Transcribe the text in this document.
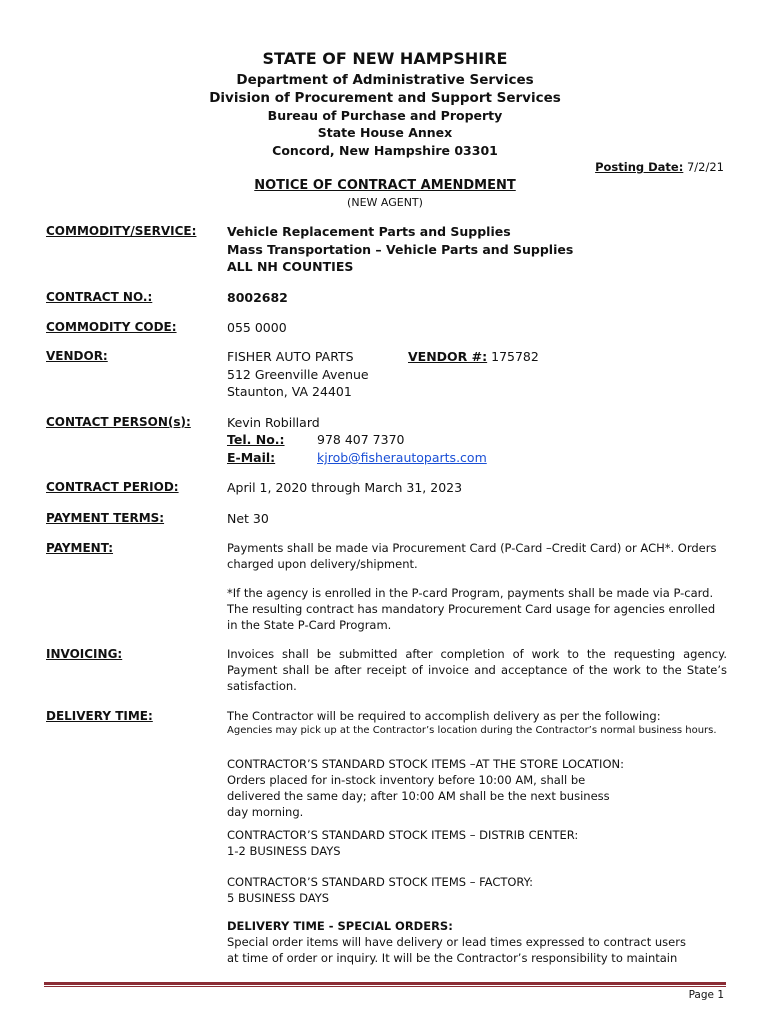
STATE OF NEW HAMPSHIRE
Department of Administrative Services
Division of Procurement and Support Services
Bureau of Purchase and Property
State House Annex
Concord, New Hampshire 03301
Posting Date: 7/2/21
NOTICE OF CONTRACT AMENDMENT
(NEW AGENT)
COMMODITY/SERVICE: Vehicle Replacement Parts and Supplies
Mass Transportation – Vehicle Parts and Supplies
ALL NH COUNTIES
CONTRACT NO.:	8002682
COMMODITY CODE:	055 0000
VENDOR:	FISHER AUTO PARTS	VENDOR #: 175782
512 Greenville Avenue
Staunton, VA 24401
CONTACT PERSON(s):	Kevin Robillard
Tel. No.:	978 407 7370
E-Mail:	kjrob@fisherautoparts.com
CONTRACT PERIOD:	April 1, 2020 through March 31, 2023
PAYMENT TERMS:	Net 30
PAYMENT:	Payments shall be made via Procurement Card (P-Card –Credit Card) or ACH*. Orders charged upon delivery/shipment.
*If the agency is enrolled in the P-card Program, payments shall be made via P-card. The resulting contract has mandatory Procurement Card usage for agencies enrolled in the State P-Card Program.
INVOICING:	Invoices shall be submitted after completion of work to the requesting agency. Payment shall be after receipt of invoice and acceptance of the work to the State’s satisfaction.
DELIVERY TIME:	The Contractor will be required to accomplish delivery as per the following:
Agencies may pick up at the Contractor’s location during the Contractor’s normal business hours.
CONTRACTOR’S STANDARD STOCK ITEMS –AT THE STORE LOCATION:
Orders placed for in-stock inventory before 10:00 AM, shall be
delivered the same day; after 10:00 AM shall be the next business
day morning.
CONTRACTOR’S STANDARD STOCK ITEMS – DISTRIB CENTER:
1-2 BUSINESS DAYS
CONTRACTOR’S STANDARD STOCK ITEMS – FACTORY:
5 BUSINESS DAYS
DELIVERY TIME - SPECIAL ORDERS:
Special order items will have delivery or lead times expressed to contract users
at time of order or inquiry. It will be the Contractor’s responsibility to maintain
Page 1
